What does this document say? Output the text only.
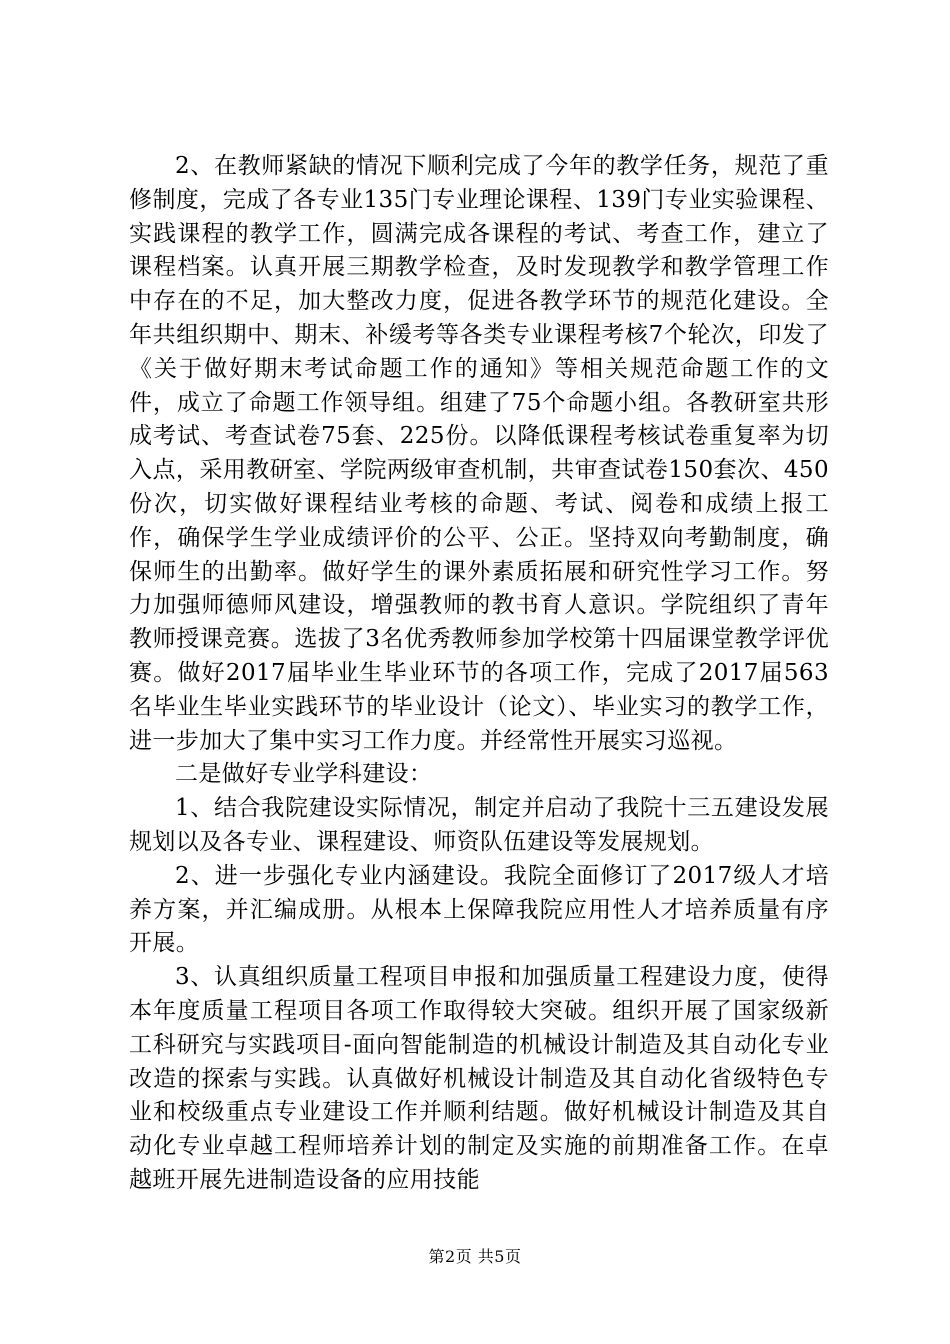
2、在教师紧缺的情况下顺利完成了今年的教学任务，规范了重修制度，完成了各专业135门专业理论课程、139门专业实验课程、实践课程的教学工作，圆满完成各课程的考试、考查工作，建立了课程档案。认真开展三期教学检查，及时发现教学和教学管理工作中存在的不足，加大整改力度，促进各教学环节的规范化建设。全年共组织期中、期末、补缓考等各类专业课程考核7个轮次，印发了《关于做好期末考试命题工作的通知》等相关规范命题工作的文件，成立了命题工作领导组。组建了75个命题小组。各教研室共形成考试、考查试卷75套、225份。以降低课程考核试卷重复率为切入点，采用教研室、学院两级审查机制，共审查试卷150套次、450份次，切实做好课程结业考核的命题、考试、阅卷和成绩上报工作，确保学生学业成绩评价的公平、公正。坚持双向考勤制度，确保师生的出勤率。做好学生的课外素质拓展和研究性学习工作。努力加强师德师风建设，增强教师的教书育人意识。学院组织了青年教师授课竞赛。选拔了3名优秀教师参加学校第十四届课堂教学评优赛。做好2017届毕业生毕业环节的各项工作，完成了2017届563名毕业生毕业实践环节的毕业设计（论文）、毕业实习的教学工作，进一步加大了集中实习工作力度。并经常性开展实习巡视。

二是做好专业学科建设：

1、结合我院建设实际情况，制定并启动了我院十三五建设发展规划以及各专业、课程建设、师资队伍建设等发展规划。

2、进一步强化专业内涵建设。我院全面修订了2017级人才培养方案，并汇编成册。从根本上保障我院应用性人才培养质量有序开展。

3、认真组织质量工程项目申报和加强质量工程建设力度，使得本年度质量工程项目各项工作取得较大突破。组织开展了国家级新工科研究与实践项目-面向智能制造的机械设计制造及其自动化专业改造的探索与实践。认真做好机械设计制造及其自动化省级特色专业和校级重点专业建设工作并顺利结题。做好机械设计制造及其自动化专业卓越工程师培养计划的制定及实施的前期准备工作。在卓越班开展先进制造设备的应用技能

第2页 共5页
